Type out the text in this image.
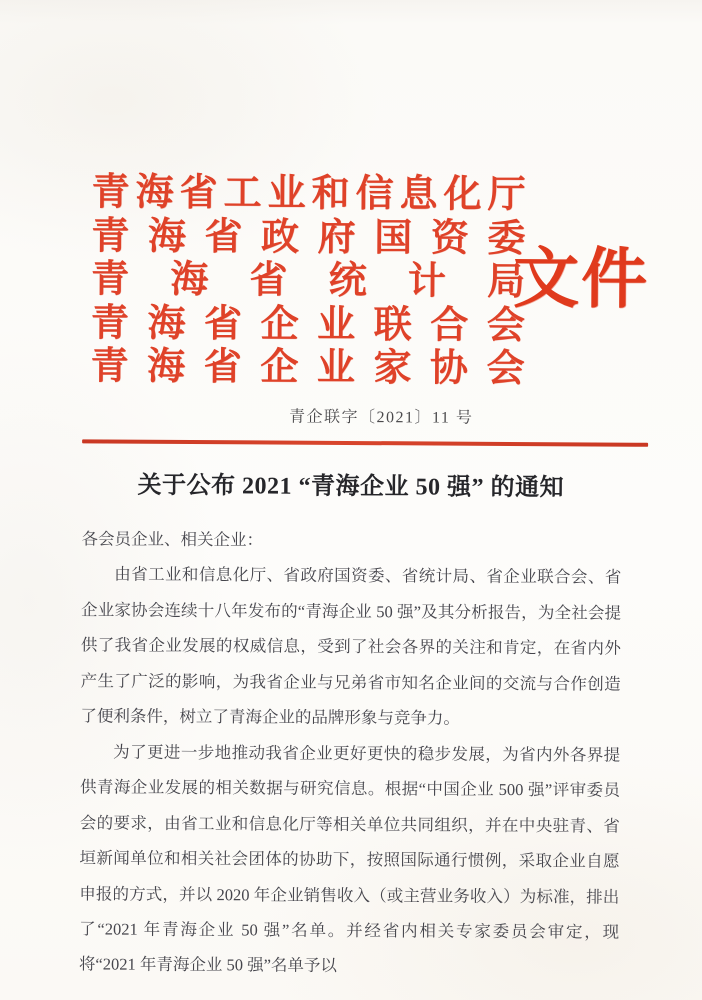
青海省工业和信息化厅
青海省政府国资委
青海省统计局
青海省企业联合会
青海省企业家协会
文件
青企联字〔2021〕11 号
关于公布 2021 “青海企业 50 强” 的通知
各会员企业、相关企业：

由省工业和信息化厅、省政府国资委、省统计局、省企业联合会、省企业家协会连续十八年发布的“青海企业 50 强”及其分析报告，为全社会提供了我省企业发展的权威信息，受到了社会各界的关注和肯定，在省内外产生了广泛的影响，为我省企业与兄弟省市知名企业间的交流与合作创造了便利条件，树立了青海企业的品牌形象与竞争力。

为了更进一步地推动我省企业更好更快的稳步发展，为省内外各界提供青海企业发展的相关数据与研究信息。根据“中国企业 500 强”评审委员会的要求，由省工业和信息化厅等相关单位共同组织，并在中央驻青、省垣新闻单位和相关社会团体的协助下，按照国际通行惯例，采取企业自愿申报的方式，并以 2020 年企业销售收入（或主营业务收入）为标准，排出了“2021 年青海企业 50 强”名单。并经省内相关专家委员会审定，现将“2021 年青海企业 50 强”名单予以
